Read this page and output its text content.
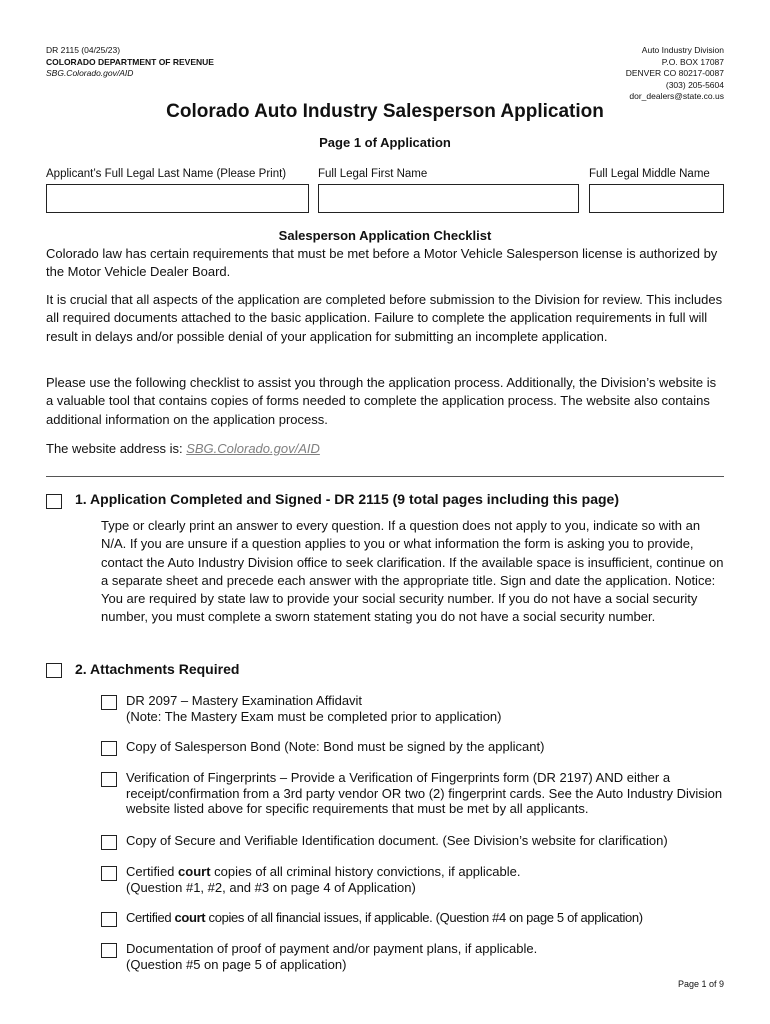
DR 2115 (04/25/23)
COLORADO DEPARTMENT OF REVENUE
SBG.Colorado.gov/AID
Auto Industry Division
P.O. BOX 17087
DENVER CO 80217-0087
(303) 205-5604
dor_dealers@state.co.us
Colorado Auto Industry Salesperson Application
Page 1 of Application
Applicant’s Full Legal Last Name (Please Print)	Full Legal First Name	Full Legal Middle Name
Salesperson Application Checklist

Colorado law has certain requirements that must be met before a Motor Vehicle Salesperson license is authorized by the Motor Vehicle Dealer Board.

It is crucial that all aspects of the application are completed before submission to the Division for review. This includes all required documents attached to the basic application. Failure to complete the application requirements in full will result in delays and/or possible denial of your application for submitting an incomplete application.

Please use the following checklist to assist you through the application process. Additionally, the Division’s website is a valuable tool that contains copies of forms needed to complete the application process. The website also contains additional information on the application process.

The website address is: SBG.Colorado.gov/AID
1. Application Completed and Signed - DR 2115 (9 total pages including this page)
Type or clearly print an answer to every question. If a question does not apply to you, indicate so with an N/A. If you are unsure if a question applies to you or what information the form is asking you to provide, contact the Auto Industry Division office to seek clarification. If the available space is insufficient, continue on a separate sheet and precede each answer with the appropriate title. Sign and date the application. Notice: You are required by state law to provide your social security number. If you do not have a social security number, you must complete a sworn statement stating you do not have a social security number.
2. Attachments Required
DR 2097 – Mastery Examination Affidavit
(Note: The Mastery Exam must be completed prior to application)
Copy of Salesperson Bond (Note: Bond must be signed by the applicant)
Verification of Fingerprints – Provide a Verification of Fingerprints form (DR 2197) AND either a receipt/confirmation from a 3rd party vendor OR two (2) fingerprint cards. See the Auto Industry Division website listed above for specific requirements that must be met by all applicants.
Copy of Secure and Verifiable Identification document. (See Division’s website for clarification)
Certified court copies of all criminal history convictions, if applicable.
(Question #1, #2, and #3 on page 4 of Application)
Certified court copies of all financial issues, if applicable. (Question #4 on page 5 of application)
Documentation of proof of payment and/or payment plans, if applicable.
(Question #5 on page 5 of application)
Page 1 of 9
